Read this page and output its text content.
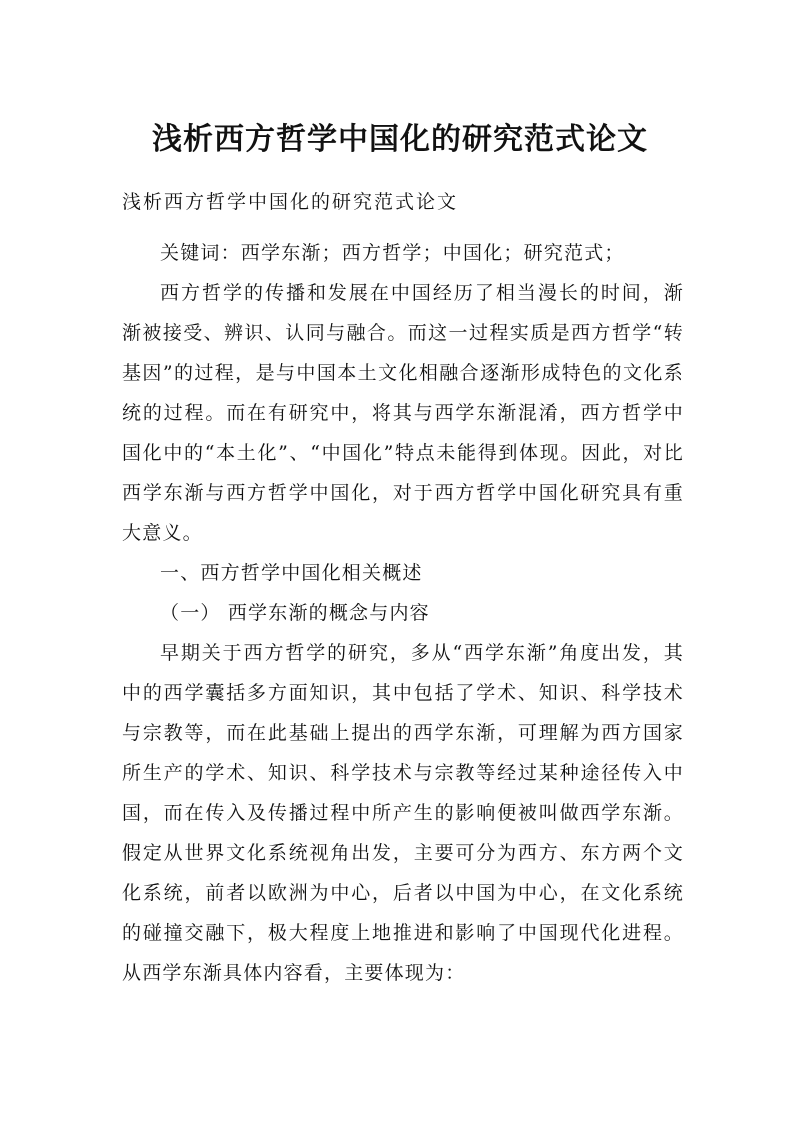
浅析西方哲学中国化的研究范式论文
浅析西方哲学中国化的研究范式论文

关键词：西学东渐；西方哲学；中国化；研究范式；

西方哲学的传播和发展在中国经历了相当漫长的时间，渐渐被接受、辨识、认同与融合。而这一过程实质是西方哲学“转基因”的过程，是与中国本土文化相融合逐渐形成特色的文化系统的过程。而在有研究中，将其与西学东渐混淆，西方哲学中国化中的“本土化”、“中国化”特点未能得到体现。因此，对比西学东渐与西方哲学中国化，对于西方哲学中国化研究具有重大意义。

一、西方哲学中国化相关概述

（一） 西学东渐的概念与内容

早期关于西方哲学的研究，多从“西学东渐”角度出发，其中的西学囊括多方面知识，其中包括了学术、知识、科学技术与宗教等，而在此基础上提出的西学东渐，可理解为西方国家所生产的学术、知识、科学技术与宗教等经过某种途径传入中国，而在传入及传播过程中所产生的影响便被叫做西学东渐。假定从世界文化系统视角出发，主要可分为西方、东方两个文化系统，前者以欧洲为中心，后者以中国为中心，在文化系统的碰撞交融下，极大程度上地推进和影响了中国现代化进程。从西学东渐具体内容看，主要体现为：
